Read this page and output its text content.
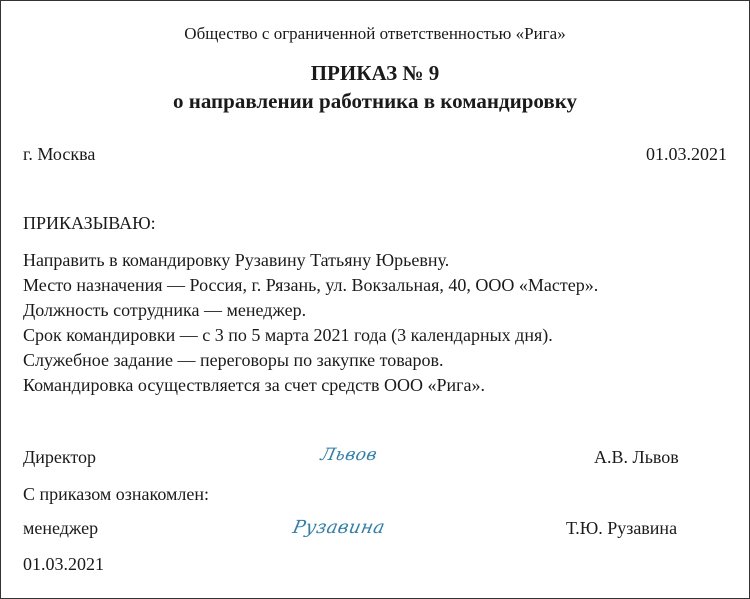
Общество с ограниченной ответственностью «Рига»
ПРИКАЗ № 9
о направлении работника в командировку
г. Москва	01.03.2021
ПРИКАЗЫВАЮ:
Направить в командировку Рузавину Татьяну Юрьевну.
Место назначения — Россия, г. Рязань, ул. Вокзальная, 40, ООО «Мастер».
Должность сотрудника — менеджер.
Срок командировки — с 3 по 5 марта 2021 года (3 календарных дня).
Служебное задание — переговоры по закупке товаров.
Командировка осуществляется за счет средств ООО «Рига».
Директор	Львов	А.В. Львов
С приказом ознакомлен:
менеджер	Рузавина	Т.Ю. Рузавина
01.03.2021
